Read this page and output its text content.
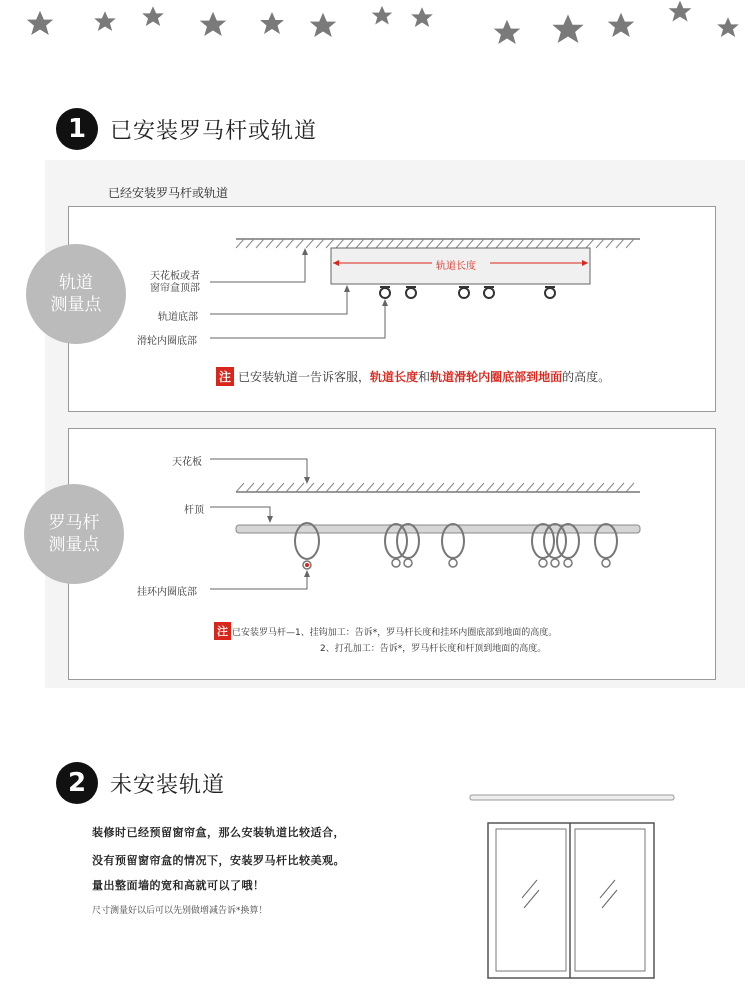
1	已安装罗马杆或轨道
已经安装罗马杆或轨道
轨道
测量点
天花板或者
窗帘盒顶部
轨道底部
滑轮内圈底部
轨道长度
注 已安装轨道一告诉客服， 轨道长度 和 轨道滑轮内圈底部到地面 的高度。
罗马杆
测量点
天花板
杆顶
挂环内圈底部
注 已安装罗马杆—1、挂钩加工：告诉*，罗马杆长度和挂环内圈底部到地面的高度。
2、打孔加工：告诉*，罗马杆长度和杆顶到地面的高度。
2	未安装轨道
装修时已经预留窗帘盒，那么安装轨道比较适合，
没有预留窗帘盒的情况下，安装罗马杆比较美观。
量出整面墙的宽和高就可以了哦！
尺寸测量好以后可以先别做增减告诉*换算！
